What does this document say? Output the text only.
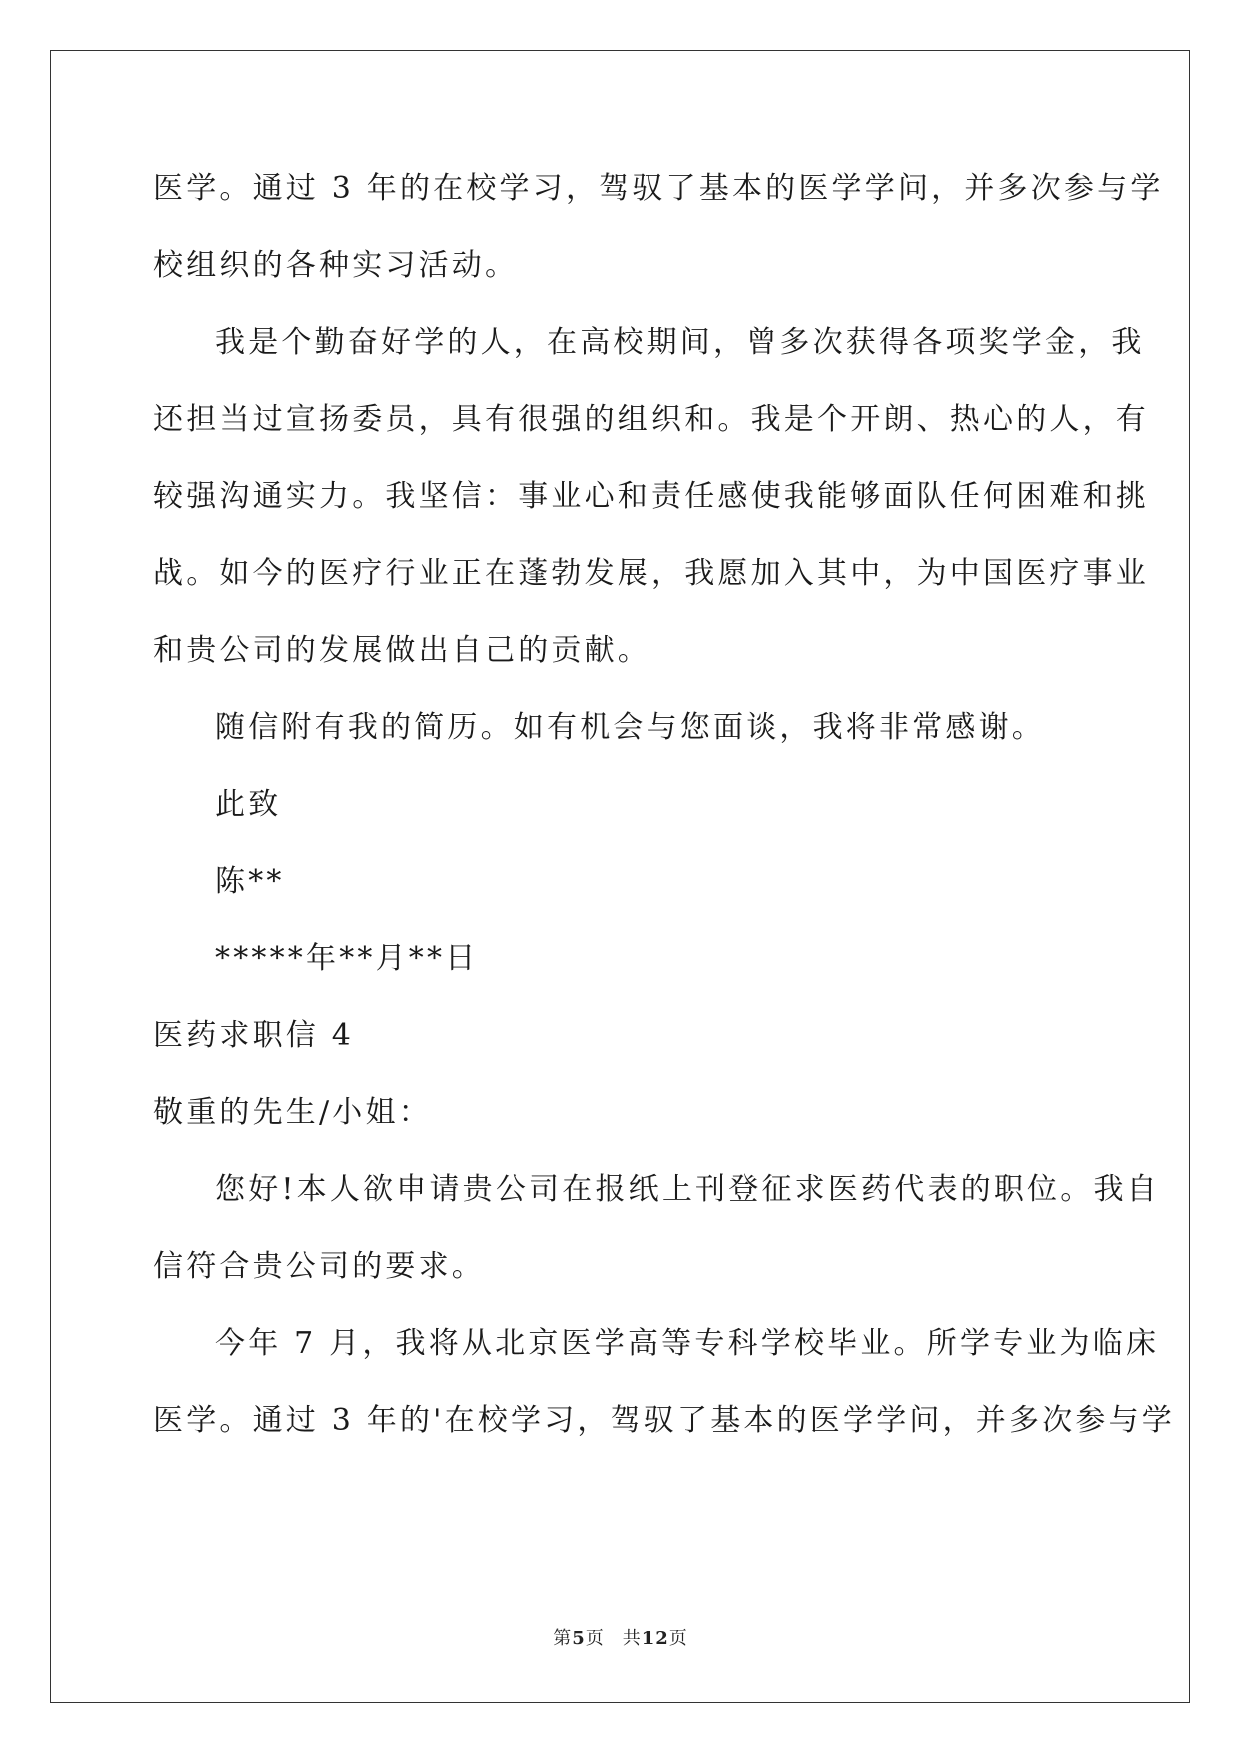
医学。通过 3 年的在校学习，驾驭了基本的医学学问，并多次参与学
校组织的各种实习活动。
我是个勤奋好学的人，在高校期间，曾多次获得各项奖学金，我
还担当过宣扬委员，具有很强的组织和。我是个开朗、热心的人，有
较强沟通实力。我坚信：事业心和责任感使我能够面队任何困难和挑
战。如今的医疗行业正在蓬勃发展，我愿加入其中，为中国医疗事业
和贵公司的发展做出自己的贡献。
随信附有我的简历。如有机会与您面谈，我将非常感谢。
此致
陈**
*****年**月**日
医药求职信 4
敬重的先生/小姐：
您好!本人欲申请贵公司在报纸上刊登征求医药代表的职位。我自
信符合贵公司的要求。
今年 7 月，我将从北京医学高等专科学校毕业。所学专业为临床
医学。通过 3 年的'在校学习，驾驭了基本的医学学问，并多次参与学
第5页 共12页
